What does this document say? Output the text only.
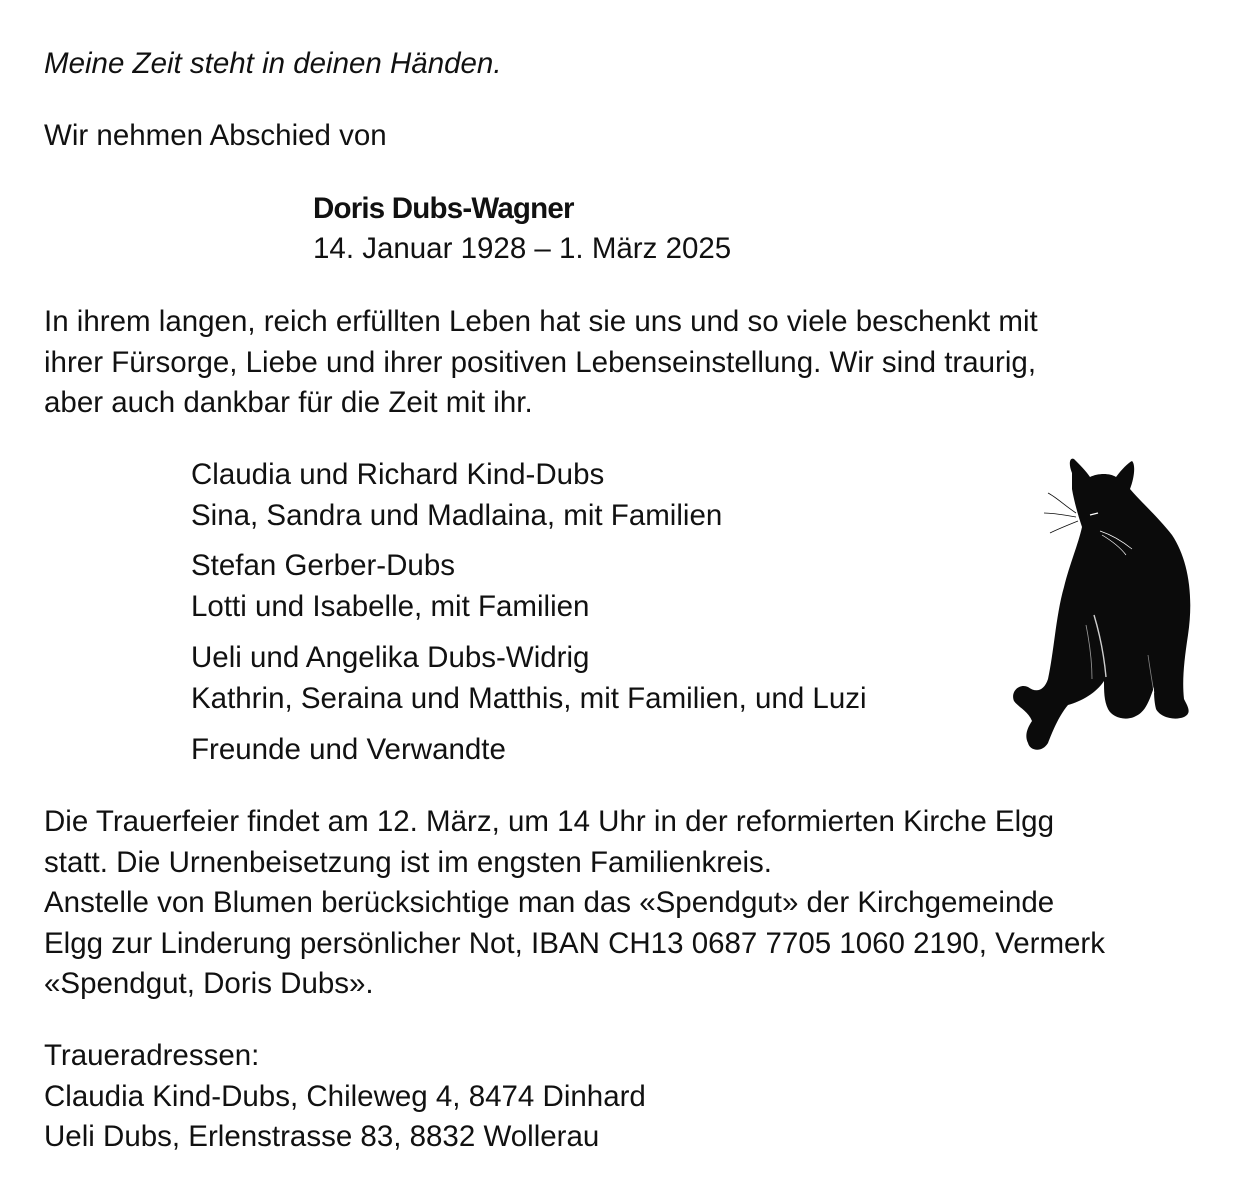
Meine Zeit steht in deinen Händen.
Wir nehmen Abschied von
Doris Dubs-Wagner
14. Januar 1928 – 1. März 2025
In ihrem langen, reich erfüllten Leben hat sie uns und so viele beschenkt mit
ihrer Fürsorge, Liebe und ihrer positiven Lebenseinstellung. Wir sind traurig,
aber auch dankbar für die Zeit mit ihr.
Claudia und Richard Kind-Dubs
Sina, Sandra und Madlaina, mit Familien
Stefan Gerber-Dubs
Lotti und Isabelle, mit Familien
Ueli und Angelika Dubs-Widrig
Kathrin, Seraina und Matthis, mit Familien, und Luzi
Freunde und Verwandte
Die Trauerfeier findet am 12. März, um 14 Uhr in der reformierten Kirche Elgg
statt. Die Urnenbeisetzung ist im engsten Familienkreis.
Anstelle von Blumen berücksichtige man das «Spendgut» der Kirchgemeinde
Elgg zur Linderung persönlicher Not, IBAN CH13 0687 7705 1060 2190, Vermerk
«Spendgut, Doris Dubs».
Traueradressen:
Claudia Kind-Dubs, Chileweg 4, 8474 Dinhard
Ueli Dubs, Erlenstrasse 83, 8832 Wollerau
